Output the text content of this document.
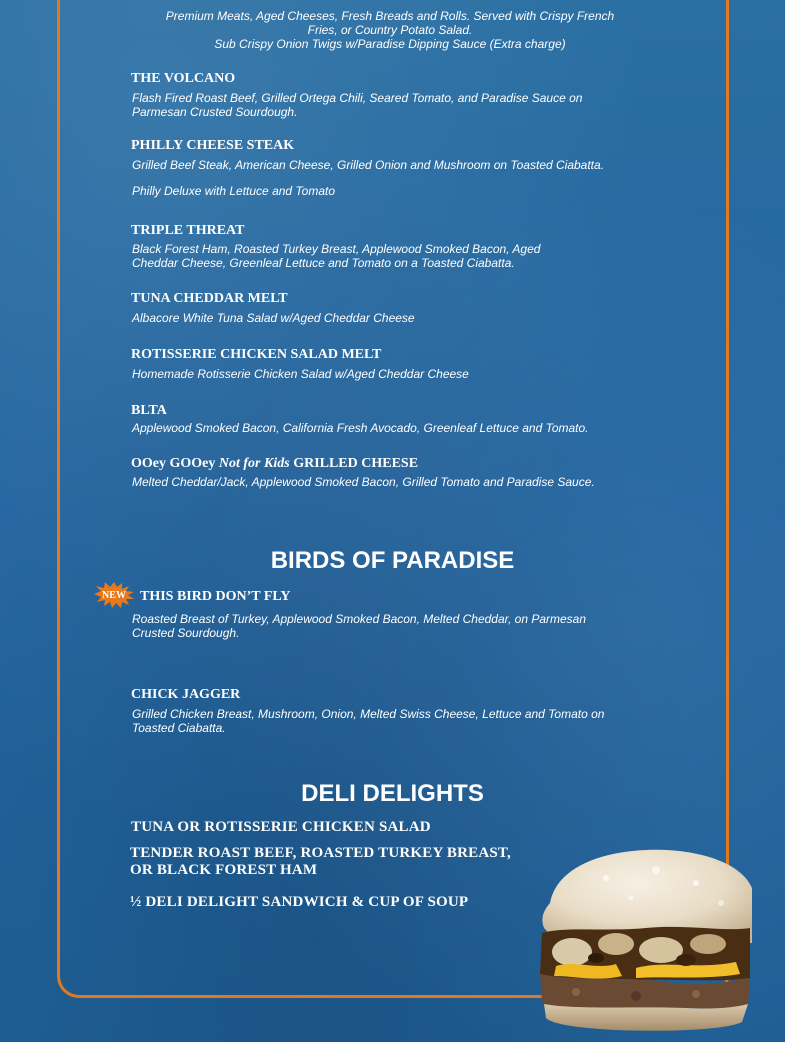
Premium Meats, Aged Cheeses, Fresh Breads and Rolls. Served with Crispy French
Fries, or Country Potato Salad.
Sub Crispy Onion Twigs w/Paradise Dipping Sauce (Extra charge)
THE VOLCANO
Flash Fired Roast Beef, Grilled Ortega Chili, Seared Tomato, and Paradise Sauce on
Parmesan Crusted Sourdough.
PHILLY CHEESE STEAK
Grilled Beef Steak, American Cheese, Grilled Onion and Mushroom on Toasted Ciabatta.
Philly Deluxe with Lettuce and Tomato
TRIPLE THREAT
Black Forest Ham, Roasted Turkey Breast, Applewood Smoked Bacon, Aged
Cheddar Cheese, Greenleaf Lettuce and Tomato on a Toasted Ciabatta.
TUNA CHEDDAR MELT
Albacore White Tuna Salad w/Aged Cheddar Cheese
ROTISSERIE CHICKEN SALAD MELT
Homemade Rotisserie Chicken Salad w/Aged Cheddar Cheese
BLTA
Applewood Smoked Bacon, California Fresh Avocado, Greenleaf Lettuce and Tomato.
OOey GOOey Not for Kids GRILLED CHEESE
Melted Cheddar/Jack, Applewood Smoked Bacon, Grilled Tomato and Paradise Sauce.
BIRDS OF PARADISE
NEW	THIS BIRD DON’T FLY
Roasted Breast of Turkey, Applewood Smoked Bacon, Melted Cheddar, on Parmesan
Crusted Sourdough.
CHICK JAGGER
Grilled Chicken Breast, Mushroom, Onion, Melted Swiss Cheese, Lettuce and Tomato on
Toasted Ciabatta.
DELI DELIGHTS
TUNA OR ROTISSERIE CHICKEN SALAD
TENDER ROAST BEEF, ROASTED TURKEY BREAST,
OR BLACK FOREST HAM
½ DELI DELIGHT SANDWICH & CUP OF SOUP
